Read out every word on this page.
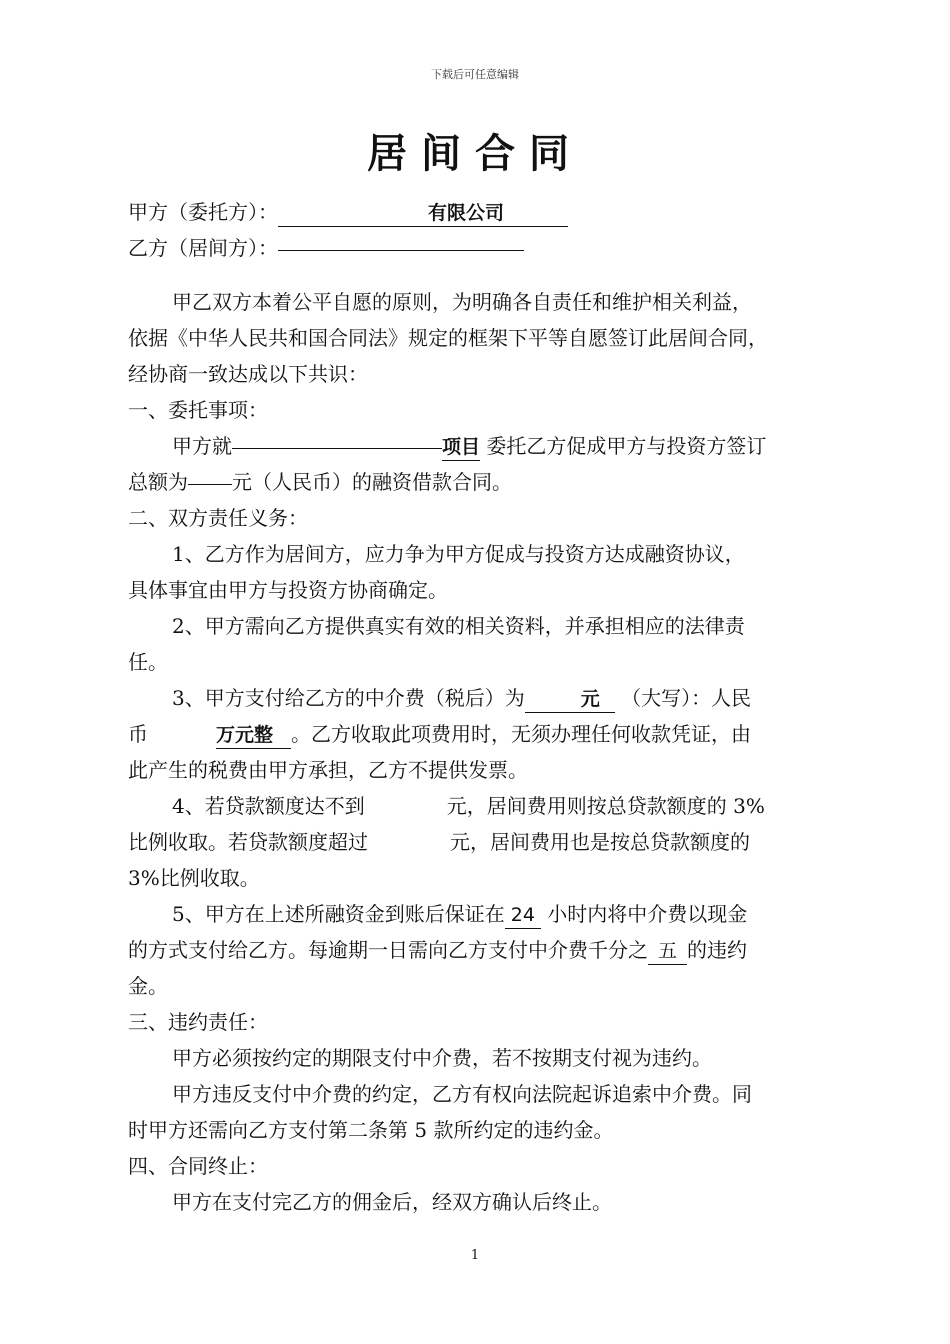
下载后可任意编辑
居间合同
甲方（委托方）：	有限公司
乙方（居间方）：
甲乙双方本着公平自愿的原则，为明确各自责任和维护相关利益，
依据《中华人民共和国合同法》规定的框架下平等自愿签订此居间合同，
经协商一致达成以下共识：
一、委托事项：
甲方就	项目 委托乙方促成甲方与投资方签订
总额为 元（人民币）的融资借款合同。
二、双方责任义务：
1、乙方作为居间方，应力争为甲方促成与投资方达成融资协议，
具体事宜由甲方与投资方协商确定。
2、甲方需向乙方提供真实有效的相关资料，并承担相应的法律责
任。
3、甲方支付给乙方的中介费（税后）为	元 （大写）：人民
币	万元整 。乙方收取此项费用时，无须办理任何收款凭证，由
此产生的税费由甲方承担，乙方不提供发票。
4、若贷款额度达不到	元，居间费用则按总贷款额度的 3%
比例收取。若贷款额度超过	元，居间费用也是按总贷款额度的
3%比例收取。
5、甲方在上述所融资金到账后保证在 24 小时内将中介费以现金
的方式支付给乙方。每逾期一日需向乙方支付中介费千分之 五 的违约
金。
三、违约责任：
甲方必须按约定的期限支付中介费，若不按期支付视为违约。
甲方违反支付中介费的约定，乙方有权向法院起诉追索中介费。同
时甲方还需向乙方支付第二条第 5 款所约定的违约金。
四、合同终止：
甲方在支付完乙方的佣金后，经双方确认后终止。
1
